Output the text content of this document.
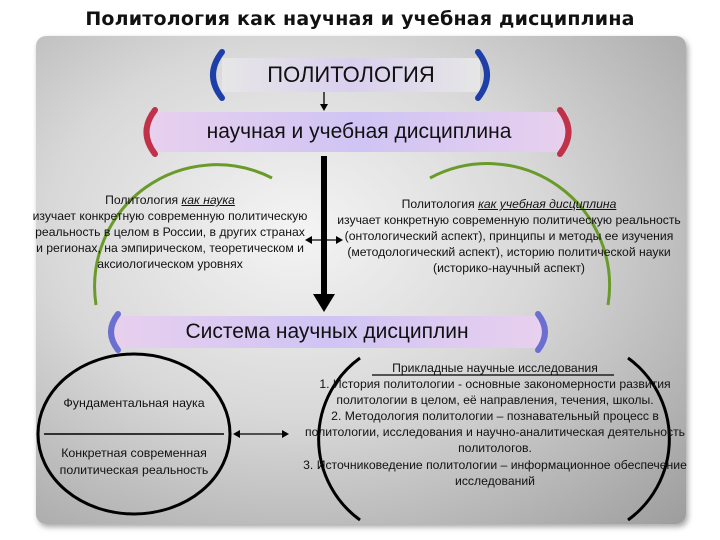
Политология как научная и учебная дисциплина
ПОЛИТОЛОГИЯ
научная и учебная дисциплина
Система научных дисциплин
Политология как наука
изучает конкретную современную политическую реальность в целом в России, в других странах и регионах, на эмпирическом, теоретическом и аксиологическом уровнях
Политология как учебная дисциплина
изучает конкретную современную политическую реальность (онтологический аспект), принципы и методы ее изучения (методологический аспект), историю политической науки (историко-научный аспект)
Фундаментальная наука
Конкретная современная политическая реальность
Прикладные научные исследования
1. История политологии - основные закономерности развития политологии в целом, её направления, течения, школы.
2. Методология политологии – познавательный процесс в политологии, исследования и научно-аналитическая деятельность политологов.
3. Источниковедение политологии – информационное обеспечение исследований
